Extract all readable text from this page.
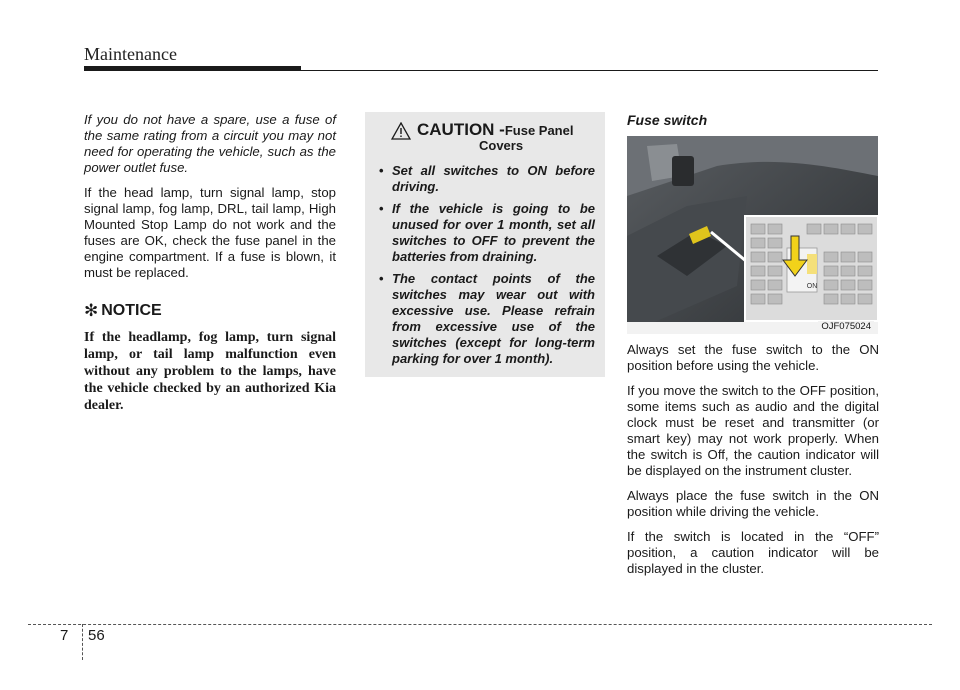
Maintenance

If you do not have a spare, use a fuse of the same rating from a circuit you may not need for operating the vehicle, such as the power outlet fuse.

If the head lamp, turn signal lamp, stop signal lamp, fog lamp, DRL, tail lamp, High Mounted Stop Lamp do not work and the fuses are OK, check the fuse panel in the engine compartment. If a fuse is blown, it must be replaced.

✻ NOTICE

If the headlamp, fog lamp, turn signal lamp, or tail lamp malfunction even without any problem to the lamps, have the vehicle checked by an authorized Kia dealer.

CAUTION - Fuse Panel
Covers
• Set all switches to ON before driving.
• If the vehicle is going to be unused for over 1 month, set all switches to OFF to prevent the batteries from draining.
• The contact points of the switches may wear out with excessive use. Please refrain from excessive use of the switches (except for long-term parking for over 1 month).
Fuse switch
ON
OJF075024

Always set the fuse switch to the ON position before using the vehicle.

If you move the switch to the OFF position, some items such as audio and the digital clock must be reset and transmitter (or smart key) may not work properly. When the switch is Off, the caution indicator will be displayed on the instrument cluster.

Always place the fuse switch in the ON position while driving the vehicle.

If the switch is located in the “OFF” position, a caution indicator will be displayed in the cluster.

7 56
